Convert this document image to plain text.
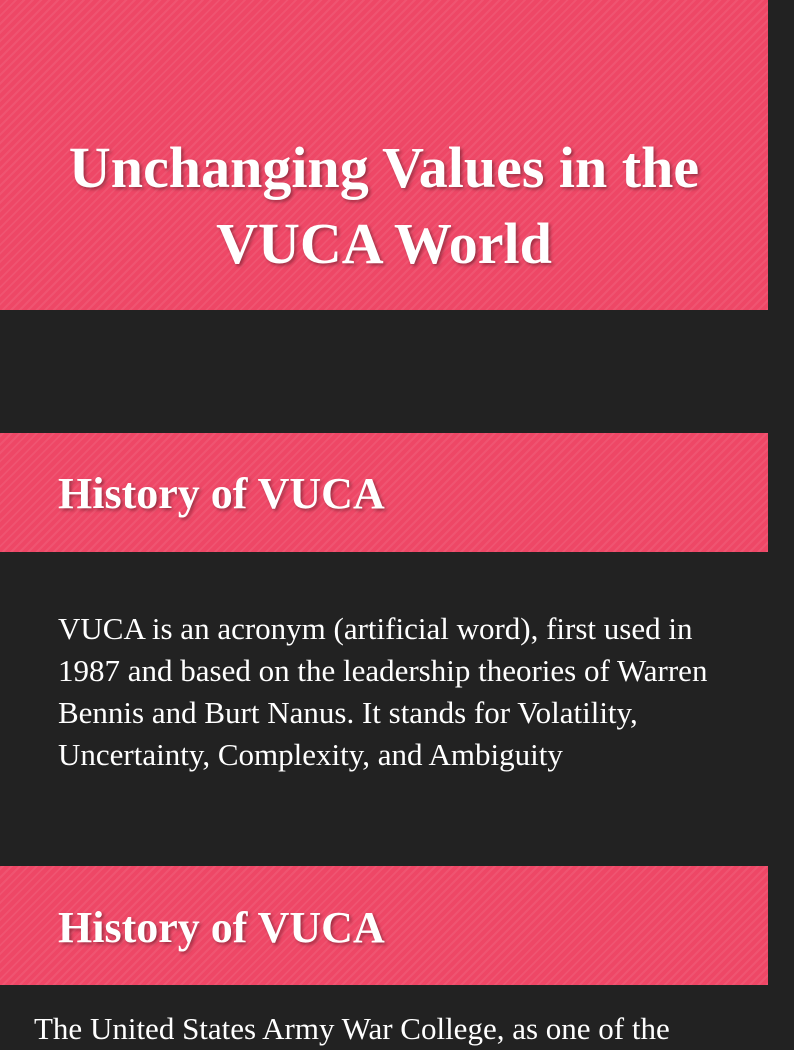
Unchanging Values in the VUCA World
History of VUCA
VUCA is an acronym (artificial word), first used in 1987 and based on the leadership theories of Warren Bennis and Burt Nanus. It stands for Volatility, Uncertainty, Complexity, and Ambiguity
History of VUCA
The United States Army War College, as one of the
